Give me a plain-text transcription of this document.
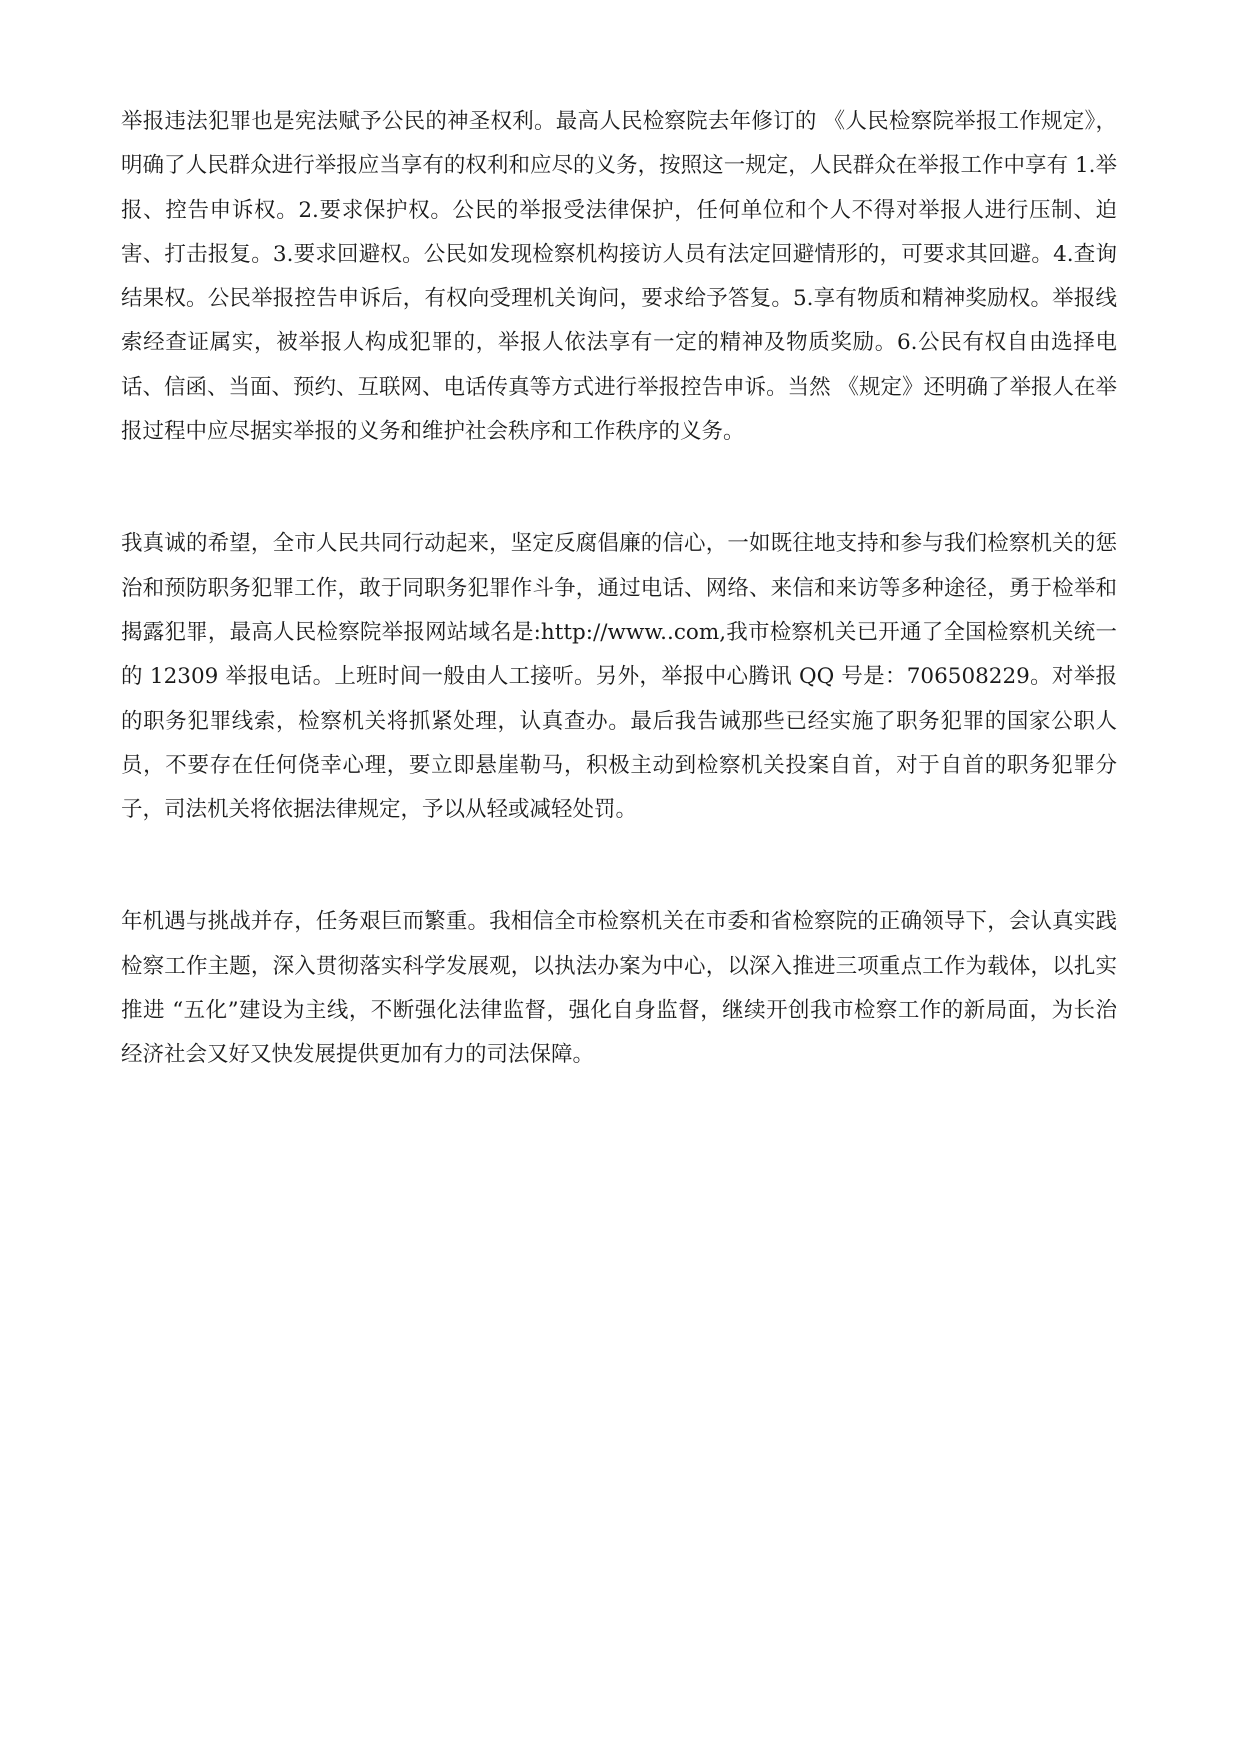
举报违法犯罪也是宪法赋予公民的神圣权利。最高人民检察院去年修订的 《人民检察院举报工作规定》，明确了人民群众进行举报应当享有的权利和应尽的义务，按照这一规定，人民群众在举报工作中享有 1.举报、控告申诉权。2.要求保护权。公民的举报受法律保护，任何单位和个人不得对举报人进行压制、迫害、打击报复。3.要求回避权。公民如发现检察机构接访人员有法定回避情形的，可要求其回避。4.查询结果权。公民举报控告申诉后，有权向受理机关询问，要求给予答复。5.享有物质和精神奖励权。举报线索经查证属实，被举报人构成犯罪的，举报人依法享有一定的精神及物质奖励。6.公民有权自由选择电话、信函、当面、预约、互联网、电话传真等方式进行举报控告申诉。当然 《规定》还明确了举报人在举报过程中应尽据实举报的义务和维护社会秩序和工作秩序的义务。

我真诚的希望，全市人民共同行动起来，坚定反腐倡廉的信心，一如既往地支持和参与我们检察机关的惩治和预防职务犯罪工作，敢于同职务犯罪作斗争，通过电话、网络、来信和来访等多种途径，勇于检举和揭露犯罪，最高人民检察院举报网站域名是:http://www..com,我市检察机关已开通了全国检察机关统一的 12309 举报电话。上班时间一般由人工接听。另外，举报中心腾讯 QQ 号是：706508229。对举报的职务犯罪线索，检察机关将抓紧处理，认真查办。最后我告诫那些已经实施了职务犯罪的国家公职人员，不要存在任何侥幸心理，要立即悬崖勒马，积极主动到检察机关投案自首，对于自首的职务犯罪分子，司法机关将依据法律规定，予以从轻或减轻处罚。

年机遇与挑战并存，任务艰巨而繁重。我相信全市检察机关在市委和省检察院的正确领导下，会认真实践检察工作主题，深入贯彻落实科学发展观，以执法办案为中心，以深入推进三项重点工作为载体，以扎实推进 “五化”建设为主线，不断强化法律监督，强化自身监督，继续开创我市检察工作的新局面，为长治经济社会又好又快发展提供更加有力的司法保障。
